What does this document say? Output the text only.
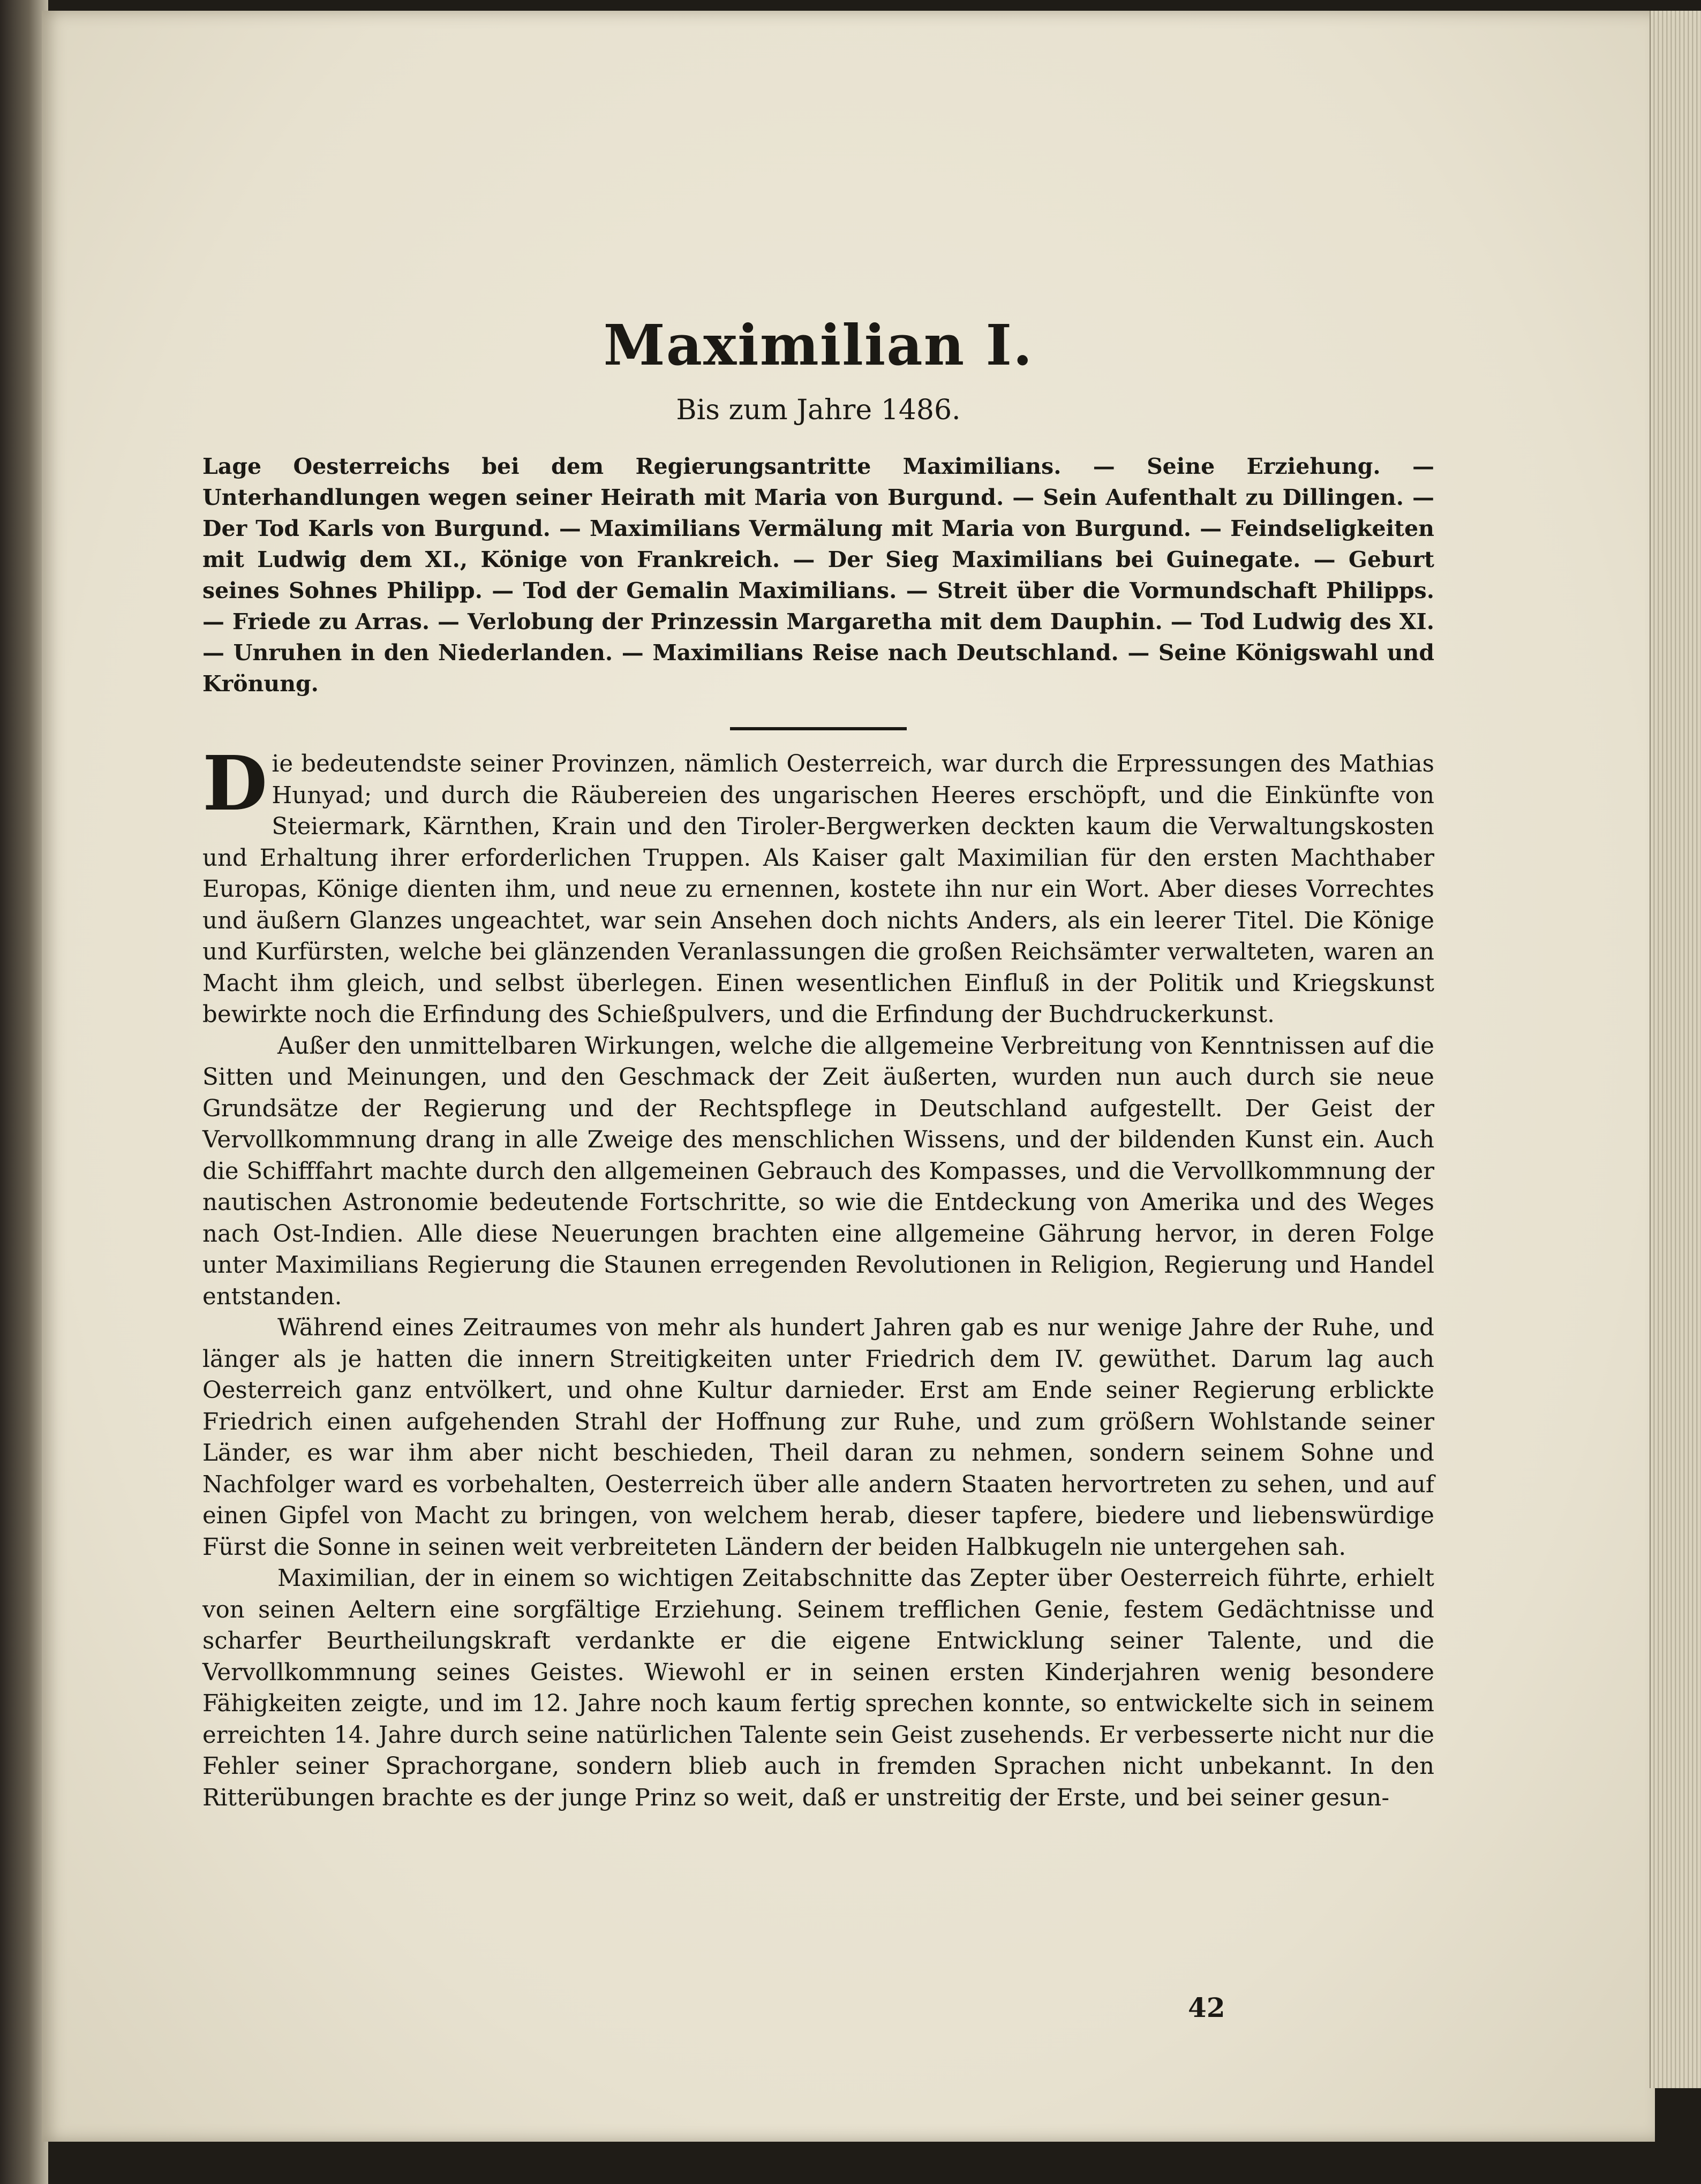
Maximilian I.
Bis zum Jahre 1486.

Lage Oesterreichs bei dem Regierungsantritte Maximilians. — Seine Erziehung. — Unterhandlungen wegen seiner Heirath mit Maria von Burgund. — Sein Aufenthalt zu Dillingen. — Der Tod Karls von Burgund. — Maximilians Vermälung mit Maria von Burgund. — Feindseligkeiten mit Ludwig dem XI., Könige von Frankreich. — Der Sieg Maximilians bei Guinegate. — Geburt seines Sohnes Philipp. — Tod der Gemalin Maximilians. — Streit über die Vormundschaft Philipps. — Friede zu Arras. — Verlobung der Prinzessin Margaretha mit dem Dauphin. — Tod Ludwig des XI. — Unruhen in den Niederlanden. — Maximilians Reise nach Deutschland. — Seine Königswahl und Krönung.

Die bedeutendste seiner Provinzen, nämlich Oesterreich, war durch die Erpressungen des Mathias Hunyad; und durch die Räubereien des ungarischen Heeres erschöpft, und die Einkünfte von Steiermark, Kärnthen, Krain und den Tiroler-Bergwerken deckten kaum die Verwaltungskosten und Erhaltung ihrer erforderlichen Truppen. Als Kaiser galt Maximilian für den ersten Machthaber Europas, Könige dienten ihm, und neue zu ernennen, kostete ihn nur ein Wort. Aber dieses Vorrechtes und äußern Glanzes ungeachtet, war sein Ansehen doch nichts Anders, als ein leerer Titel. Die Könige und Kurfürsten, welche bei glänzenden Veranlassungen die großen Reichsämter verwalteten, waren an Macht ihm gleich, und selbst überlegen. Einen wesentlichen Einfluß in der Politik und Kriegskunst bewirkte noch die Erfindung des Schießpulvers, und die Erfindung der Buchdruckerkunst.

Außer den unmittelbaren Wirkungen, welche die allgemeine Verbreitung von Kenntnissen auf die Sitten und Meinungen, und den Geschmack der Zeit äußerten, wurden nun auch durch sie neue Grundsätze der Regierung und der Rechtspflege in Deutschland aufgestellt. Der Geist der Vervollkommnung drang in alle Zweige des menschlichen Wissens, und der bildenden Kunst ein. Auch die Schifffahrt machte durch den allgemeinen Gebrauch des Kompasses, und die Vervollkommnung der nautischen Astronomie bedeutende Fortschritte, so wie die Entdeckung von Amerika und des Weges nach Ost-Indien. Alle diese Neuerungen brachten eine allgemeine Gährung hervor, in deren Folge unter Maximilians Regierung die Staunen erregenden Revolutionen in Religion, Regierung und Handel entstanden.

Während eines Zeitraumes von mehr als hundert Jahren gab es nur wenige Jahre der Ruhe, und länger als je hatten die innern Streitigkeiten unter Friedrich dem IV. gewüthet. Darum lag auch Oesterreich ganz entvölkert, und ohne Kultur darnieder. Erst am Ende seiner Regierung erblickte Friedrich einen aufgehenden Strahl der Hoffnung zur Ruhe, und zum größern Wohlstande seiner Länder, es war ihm aber nicht beschieden, Theil daran zu nehmen, sondern seinem Sohne und Nachfolger ward es vorbehalten, Oesterreich über alle andern Staaten hervortreten zu sehen, und auf einen Gipfel von Macht zu bringen, von welchem herab, dieser tapfere, biedere und liebenswürdige Fürst die Sonne in seinen weit verbreiteten Ländern der beiden Halbkugeln nie untergehen sah.

Maximilian, der in einem so wichtigen Zeitabschnitte das Zepter über Oesterreich führte, erhielt von seinen Aeltern eine sorgfältige Erziehung. Seinem trefflichen Genie, festem Gedächtnisse und scharfer Beurtheilungskraft verdankte er die eigene Entwicklung seiner Talente, und die Vervollkommnung seines Geistes. Wiewohl er in seinen ersten Kinderjahren wenig besondere Fähigkeiten zeigte, und im 12. Jahre noch kaum fertig sprechen konnte, so entwickelte sich in seinem erreichten 14. Jahre durch seine natürlichen Talente sein Geist zusehends. Er verbesserte nicht nur die Fehler seiner Sprachorgane, sondern blieb auch in fremden Sprachen nicht unbekannt. In den Ritterübungen brachte es der junge Prinz so weit, daß er unstreitig der Erste, und bei seiner gesun-

42
